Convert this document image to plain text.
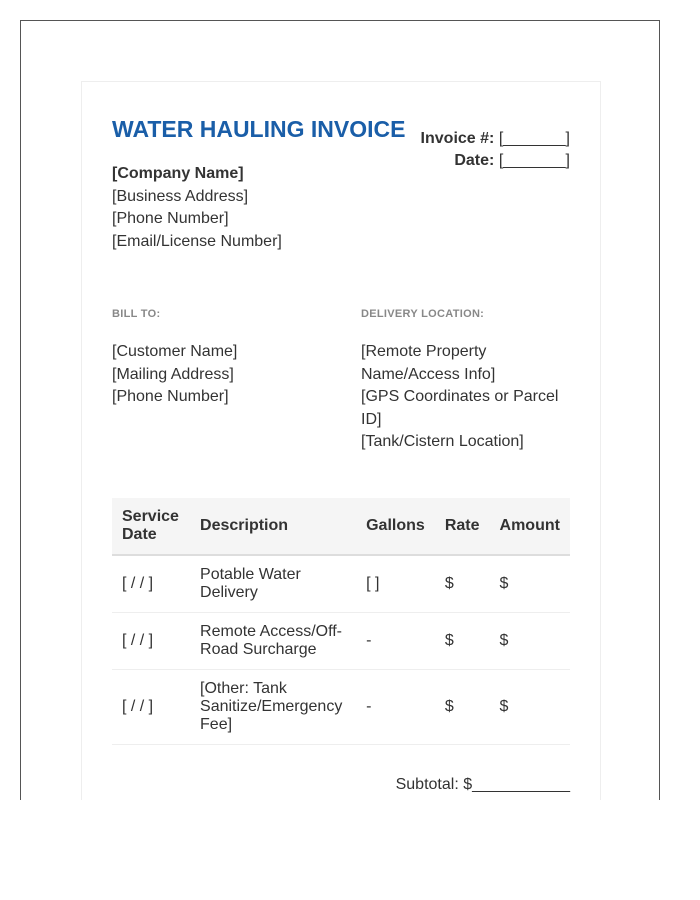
WATER HAULING INVOICE Invoice #: [_______]
Date: [_______]
[Company Name]
[Business Address]
[Phone Number]
[Email/License Number]
BILL TO:
[Customer Name]
[Mailing Address]
[Phone Number]
DELIVERY LOCATION:
[Remote Property Name/Access Info]
[GPS Coordinates or Parcel ID]
[Tank/Cistern Location]
Service Date	Description	Gallons	Rate	Amount
[ / / ]	Potable Water Delivery	[ ]	$	$
[ / / ]	Remote Access/Off-Road Surcharge	-	$	$
[ / / ]	[Other: Tank Sanitize/Emergency Fee]	-	$	$
Subtotal: $___________
